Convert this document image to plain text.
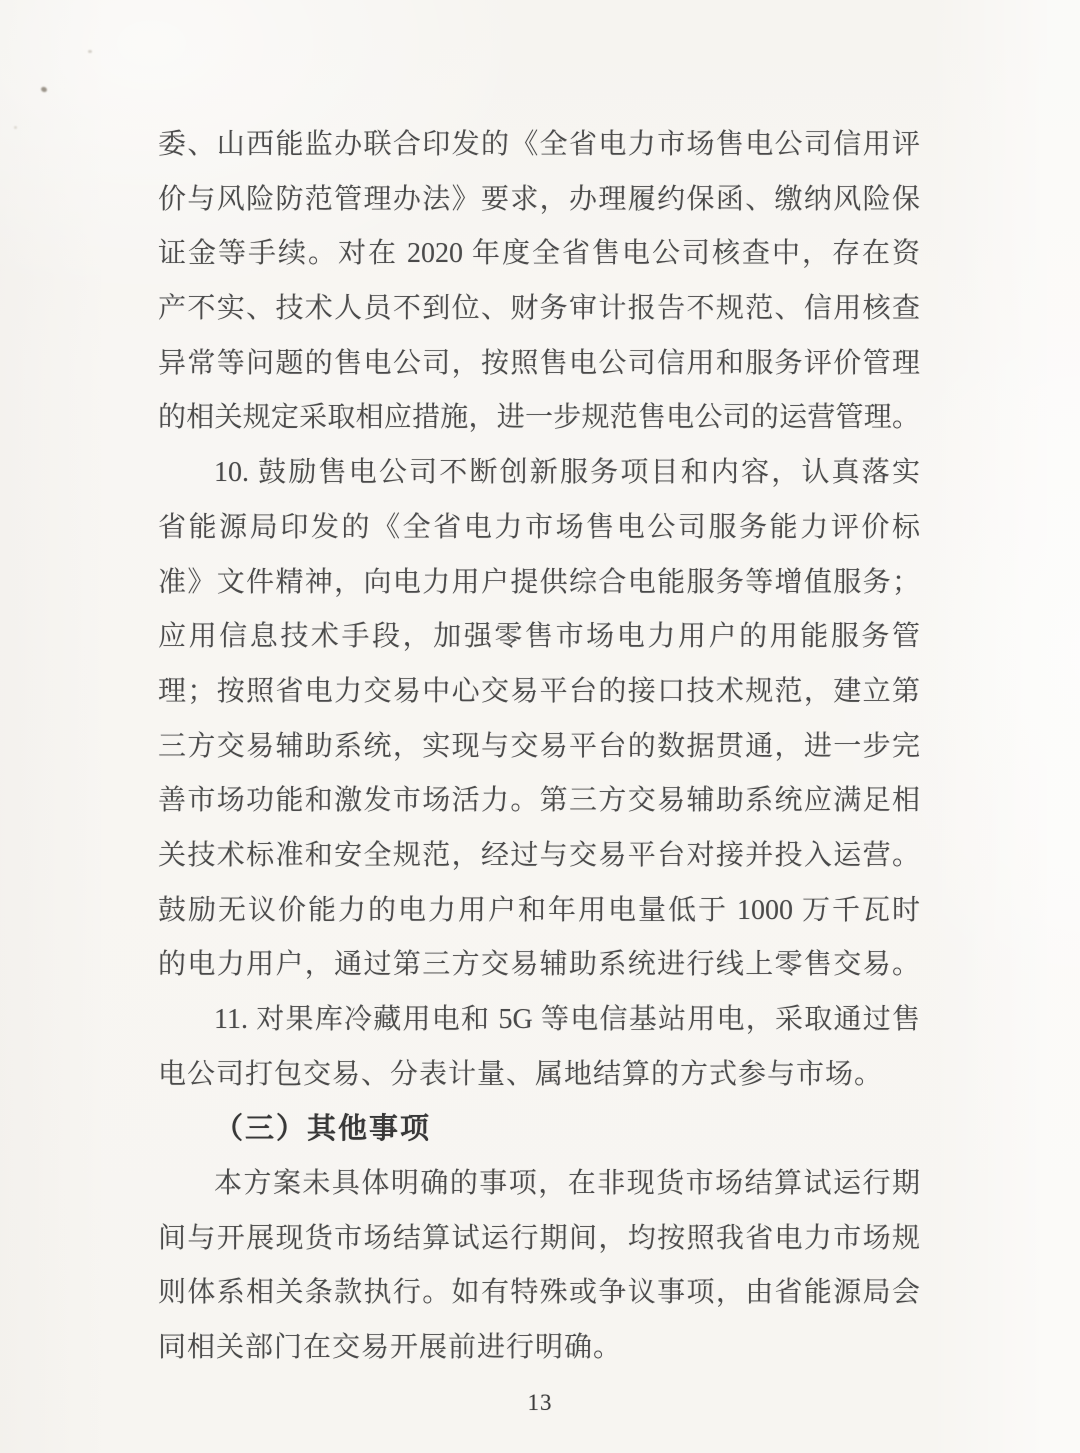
委、山西能监办联合印发的《全省电力市场售电公司信用评
价与风险防范管理办法》要求，办理履约保函、缴纳风险保
证金等手续。对在 2020 年度全省售电公司核查中，存在资
产不实、技术人员不到位、财务审计报告不规范、信用核查
异常等问题的售电公司，按照售电公司信用和服务评价管理
的相关规定采取相应措施，进一步规范售电公司的运营管理。
10. 鼓励售电公司不断创新服务项目和内容，认真落实
省能源局印发的《全省电力市场售电公司服务能力评价标
准》文件精神，向电力用户提供综合电能服务等增值服务；
应用信息技术手段，加强零售市场电力用户的用能服务管
理；按照省电力交易中心交易平台的接口技术规范，建立第
三方交易辅助系统，实现与交易平台的数据贯通，进一步完
善市场功能和激发市场活力。第三方交易辅助系统应满足相
关技术标准和安全规范，经过与交易平台对接并投入运营。
鼓励无议价能力的电力用户和年用电量低于 1000 万千瓦时
的电力用户，通过第三方交易辅助系统进行线上零售交易。
11. 对果库冷藏用电和 5G 等电信基站用电，采取通过售
电公司打包交易、分表计量、属地结算的方式参与市场。
（三）其他事项
本方案未具体明确的事项，在非现货市场结算试运行期
间与开展现货市场结算试运行期间，均按照我省电力市场规
则体系相关条款执行。如有特殊或争议事项，由省能源局会
同相关部门在交易开展前进行明确。
13
